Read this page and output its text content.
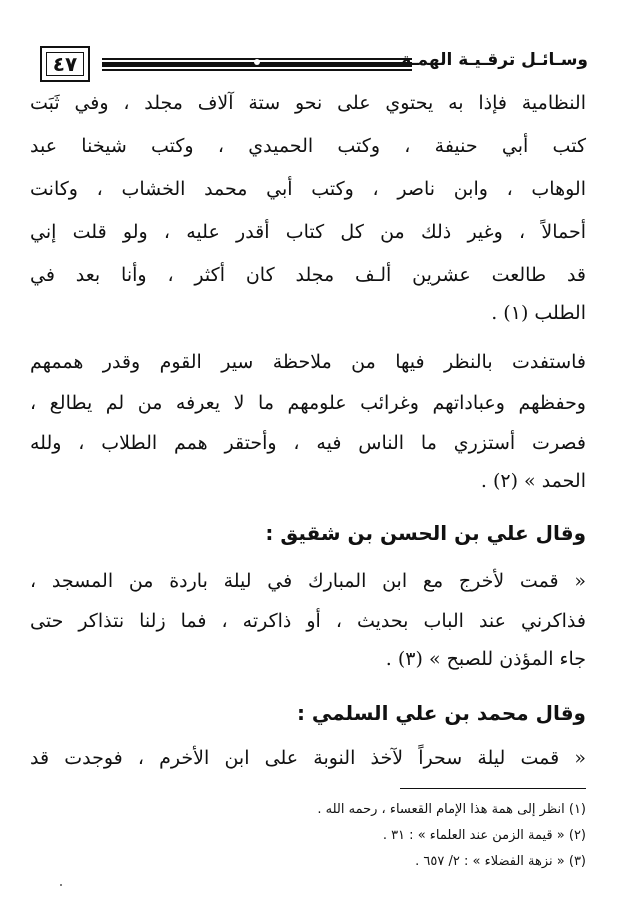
٤٧	وسـائـل ترقـيـة الهمـة
النظامية فإذا به يحتوي على نحو ستة آلاف مجلد ، وفي ثَبَت
كتب أبي حنيفة ، وكتب الحميدي ، وكتب شيخنا عبد
الوهاب ، وابن ناصر ، وكتب أبي محمد الخشاب ، وكانت
أحمالاً ، وغير ذلك من كل كتاب أقدر عليه ، ولو قلت إني
قد طالعت عشرين ألـف مجلد كان أكثر ، وأنا بعد في
الطلب (١) .
فاستفدت بالنظر فيها من ملاحظة سير القوم وقدر هممهم
وحفظهم وعباداتهم وغرائب علومهم ما لا يعرفه من لم يطالع ،
فصرت أستزري ما الناس فيه ، وأحتقر همم الطلاب ، ولله
الحمد » (٢) .
وقال علي بن الحسن بن شقيق :
« قمت لأخرج مع ابن المبارك في ليلة باردة من المسجد ،
فذاكرني عند الباب بحديث ، أو ذاكرته ، فما زلنا نتذاكر حتى
جاء المؤذن للصبح » (٣) .
وقال محمد بن علي السلمي :
« قمت ليلة سحراً لآخذ النوبة على ابن الأخرم ، فوجدت قد
(١) انظر إلى همة هذا الإمام القعساء ، رحمه الله .
(٢) « قيمة الزمن عند العلماء » : ٣١ .
(٣) « نزهة الفضلاء » : ٢/ ٦٥٧ .
